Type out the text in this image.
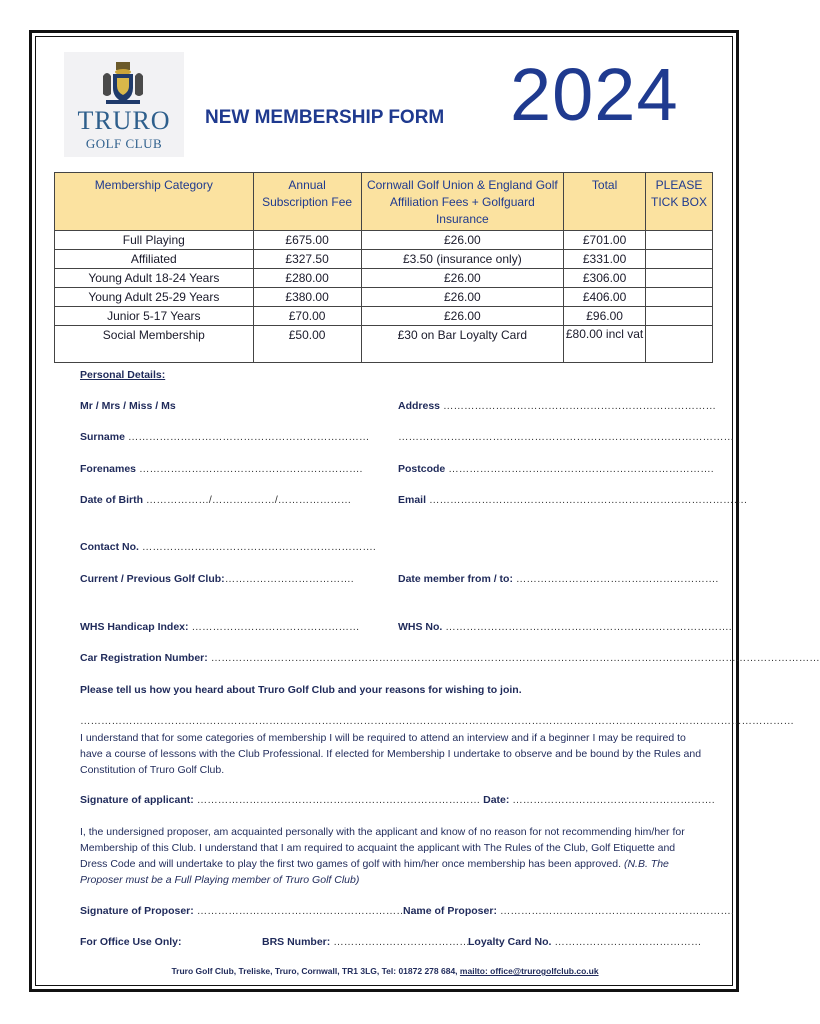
TRURO
GOLF CLUB
NEW MEMBERSHIP FORM 2024
Membership Category	Annual Subscription Fee	Cornwall Golf Union & England Golf Affiliation Fees + Golfguard Insurance	Total	PLEASE TICK BOX
Full Playing	£675.00	£26.00	£701.00	
Affiliated	£327.50	£3.50 (insurance only)	£331.00	
Young Adult 18-24 Years	£280.00	£26.00	£306.00	
Young Adult 25-29 Years	£380.00	£26.00	£406.00	
Junior 5-17 Years	£70.00	£26.00	£96.00	
Social Membership	£50.00	£30 on Bar Loyalty Card	£80.00 incl vat	
Personal Details:
Mr / Mrs / Miss / Ms	Address ……………………………………………………………………
Surname ……………………………………………………………	……………………………………………………………………………………
Forenames ……………………………………………………….	Postcode ………………………………………………………………….
Date of Birth ………………/………………/…………………	Email ……………………………………………………………………………….
Contact No. ………………………………………………………….
Current / Previous Golf Club:……………………………….	Date member from / to: ………………………………………………….
WHS Handicap Index: …………………………………………	WHS No. ……………………………………………………………………….
Car Registration Number: …………………………………………………………………………………………………………………………………………………………
Please tell us how you heard about Truro Golf Club and your reasons for wishing to join.
……………………………………………………………………………………………………………………………………………………………………………………
I understand that for some categories of membership I will be required to attend an interview and if a beginner I may be required to have a course of lessons with the Club Professional. If elected for Membership I undertake to observe and be bound by the Rules and Constitution of Truro Golf Club.
Signature of applicant: ……………………………………………………………………… Date: ………………………………………………….
I, the undersigned proposer, am acquainted personally with the applicant and know of no reason for not recommending him/her for Membership of this Club. I understand that I am required to acquaint the applicant with The Rules of the Club, Golf Etiquette and Dress Code and will undertake to play the first two games of golf with him/her once membership has been approved. (N.B. The Proposer must be a Full Playing member of Truro Golf Club)
Signature of Proposer: ……………………………………………………….
Name of Proposer: ………………………………………………………….
For Office Use Only:	BRS Number: …………………………………
Loyalty Card No. ……………………………………
Truro Golf Club, Treliske, Truro, Cornwall, TR1 3LG, Tel: 01872 278 684, mailto: office@trurogolfclub.co.uk
